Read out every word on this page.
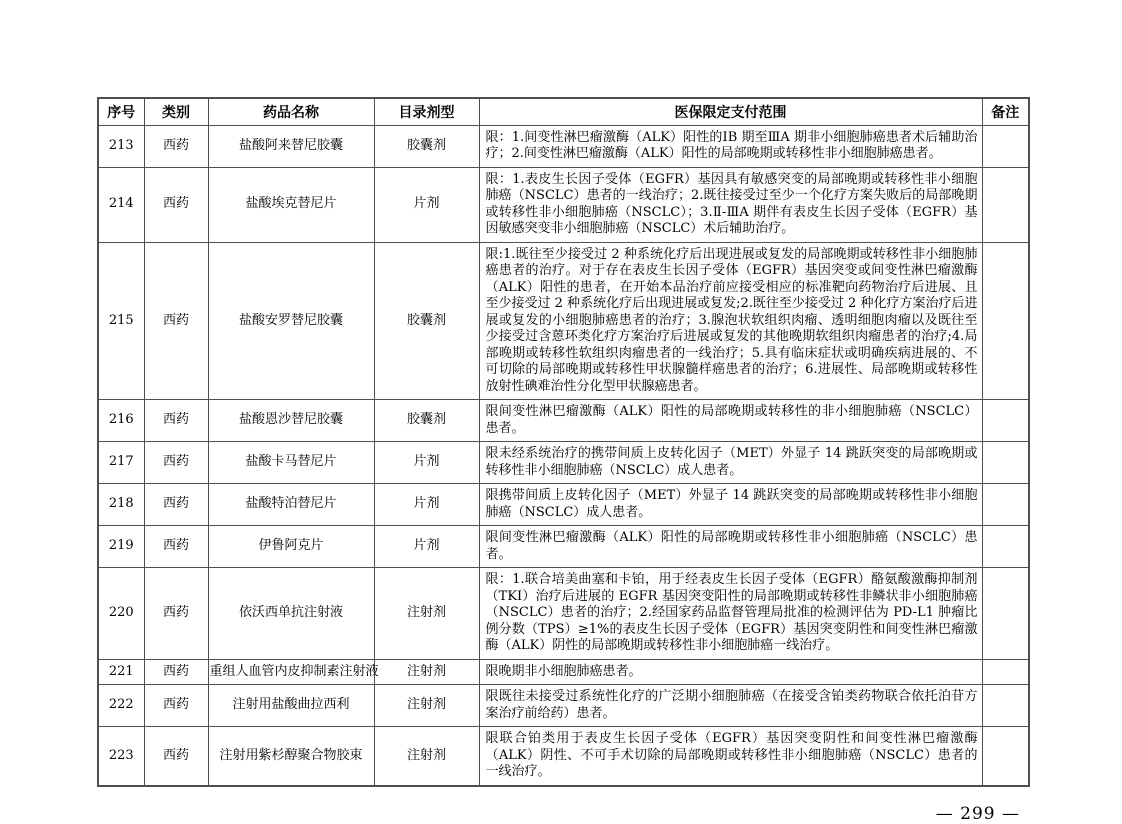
序号	类别	药品名称	目录剂型	医保限定支付范围	备注
213	西药	盐酸阿来替尼胶囊	胶囊剂	限：1.间变性淋巴瘤激酶（ALK）阳性的ⅠB 期至ⅢA 期非小细胞肺癌患者术后辅助治疗；2.间变性淋巴瘤激酶（ALK）阳性的局部晚期或转移性非小细胞肺癌患者。	
214	西药	盐酸埃克替尼片	片剂	限：1.表皮生长因子受体（EGFR）基因具有敏感突变的局部晚期或转移性非小细胞肺癌（NSCLC）患者的一线治疗；2.既往接受过至少一个化疗方案失败后的局部晚期或转移性非小细胞肺癌（NSCLC）；3.Ⅱ-ⅢA 期伴有表皮生长因子受体（EGFR）基因敏感突变非小细胞肺癌（NSCLC）术后辅助治疗。	
215	西药	盐酸安罗替尼胶囊	胶囊剂	限:1.既往至少接受过 2 种系统化疗后出现进展或复发的局部晚期或转移性非小细胞肺癌患者的治疗。对于存在表皮生长因子受体（EGFR）基因突变或间变性淋巴瘤激酶（ALK）阳性的患者，在开始本品治疗前应接受相应的标准靶向药物治疗后进展、且至少接受过 2 种系统化疗后出现进展或复发;2.既往至少接受过 2 种化疗方案治疗后进展或复发的小细胞肺癌患者的治疗；3.腺泡状软组织肉瘤、透明细胞肉瘤以及既往至少接受过含蒽环类化疗方案治疗后进展或复发的其他晚期软组织肉瘤患者的治疗;4.局部晚期或转移性软组织肉瘤患者的一线治疗；5.具有临床症状或明确疾病进展的、不可切除的局部晚期或转移性甲状腺髓样癌患者的治疗；6.进展性、局部晚期或转移性放射性碘难治性分化型甲状腺癌患者。	
216	西药	盐酸恩沙替尼胶囊	胶囊剂	限间变性淋巴瘤激酶（ALK）阳性的局部晚期或转移性的非小细胞肺癌（NSCLC）患者。	
217	西药	盐酸卡马替尼片	片剂	限未经系统治疗的携带间质上皮转化因子（MET）外显子 14 跳跃突变的局部晚期或转移性非小细胞肺癌（NSCLC）成人患者。	
218	西药	盐酸特泊替尼片	片剂	限携带间质上皮转化因子（MET）外显子 14 跳跃突变的局部晚期或转移性非小细胞肺癌（NSCLC）成人患者。	
219	西药	伊鲁阿克片	片剂	限间变性淋巴瘤激酶（ALK）阳性的局部晚期或转移性非小细胞肺癌（NSCLC）患者。	
220	西药	依沃西单抗注射液	注射剂	限：1.联合培美曲塞和卡铂，用于经表皮生长因子受体（EGFR）酪氨酸激酶抑制剂（TKI）治疗后进展的 EGFR 基因突变阳性的局部晚期或转移性非鳞状非小细胞肺癌（NSCLC）患者的治疗；2.经国家药品监督管理局批准的检测评估为 PD-L1 肿瘤比例分数（TPS）≥1%的表皮生长因子受体（EGFR）基因突变阴性和间变性淋巴瘤激酶（ALK）阴性的局部晚期或转移性非小细胞肺癌一线治疗。	
221	西药	重组人血管内皮抑制素注射液	注射剂	限晚期非小细胞肺癌患者。	
222	西药	注射用盐酸曲拉西利	注射剂	限既往未接受过系统性化疗的广泛期小细胞肺癌（在接受含铂类药物联合依托泊苷方案治疗前给药）患者。	
223	西药	注射用紫杉醇聚合物胶束	注射剂	限联合铂类用于表皮生长因子受体（EGFR）基因突变阴性和间变性淋巴瘤激酶（ALK）阴性、不可手术切除的局部晚期或转移性非小细胞肺癌（NSCLC）患者的一线治疗。	
— 299 —
